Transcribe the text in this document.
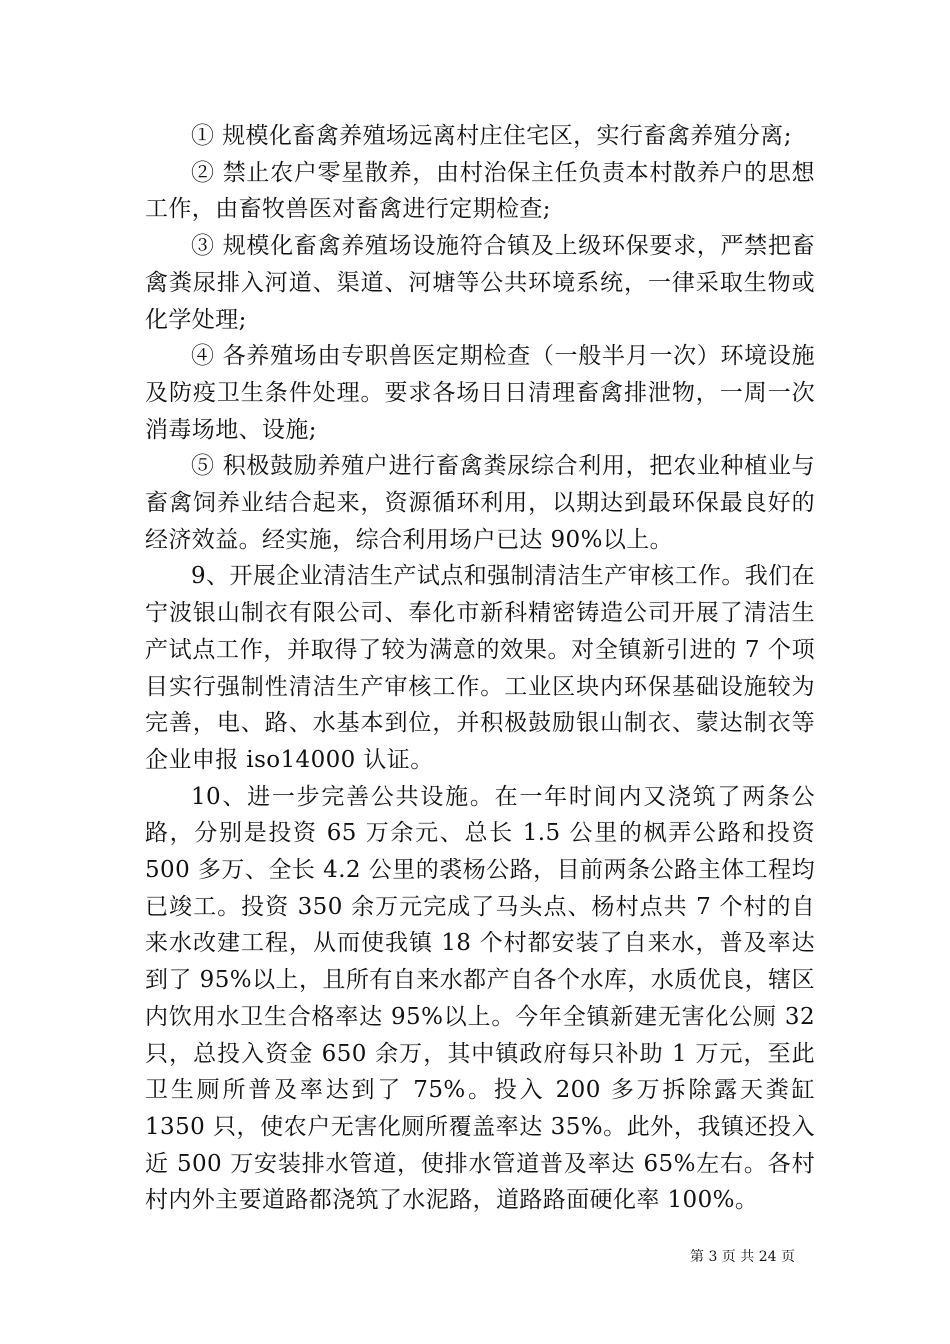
① 规模化畜禽养殖场远离村庄住宅区，实行畜禽养殖分离;

② 禁止农户零星散养，由村治保主任负责本村散养户的思想工作，由畜牧兽医对畜禽进行定期检查;

③ 规模化畜禽养殖场设施符合镇及上级环保要求，严禁把畜禽粪尿排入河道、渠道、河塘等公共环境系统，一律采取生物或化学处理;

④ 各养殖场由专职兽医定期检查（一般半月一次）环境设施及防疫卫生条件处理。要求各场日日清理畜禽排泄物，一周一次消毒场地、设施;

⑤ 积极鼓励养殖户进行畜禽粪尿综合利用，把农业种植业与畜禽饲养业结合起来，资源循环利用，以期达到最环保最良好的经济效益。经实施，综合利用场户已达 90%以上。

9、开展企业清洁生产试点和强制清洁生产审核工作。我们在宁波银山制衣有限公司、奉化市新科精密铸造公司开展了清洁生产试点工作，并取得了较为满意的效果。对全镇新引进的 7 个项目实行强制性清洁生产审核工作。工业区块内环保基础设施较为完善，电、路、水基本到位，并积极鼓励银山制衣、蒙达制衣等企业申报 iso14000 认证。

10、进一步完善公共设施。在一年时间内又浇筑了两条公路，分别是投资 65 万余元、总长 1.5 公里的枫弄公路和投资 500 多万、全长 4.2 公里的裘杨公路，目前两条公路主体工程均已竣工。投资 350 余万元完成了马头点、杨村点共 7 个村的自来水改建工程，从而使我镇 18 个村都安装了自来水，普及率达到了 95%以上，且所有自来水都产自各个水库，水质优良，辖区内饮用水卫生合格率达 95%以上。今年全镇新建无害化公厕 32 只，总投入资金 650 余万，其中镇政府每只补助 1 万元，至此卫生厕所普及率达到了 75%。投入 200 多万拆除露天粪缸 1350 只，使农户无害化厕所覆盖率达 35%。此外，我镇还投入近 500 万安装排水管道，使排水管道普及率达 65%左右。各村村内外主要道路都浇筑了水泥路，道路路面硬化率 100%。

第 3 页 共 24 页
